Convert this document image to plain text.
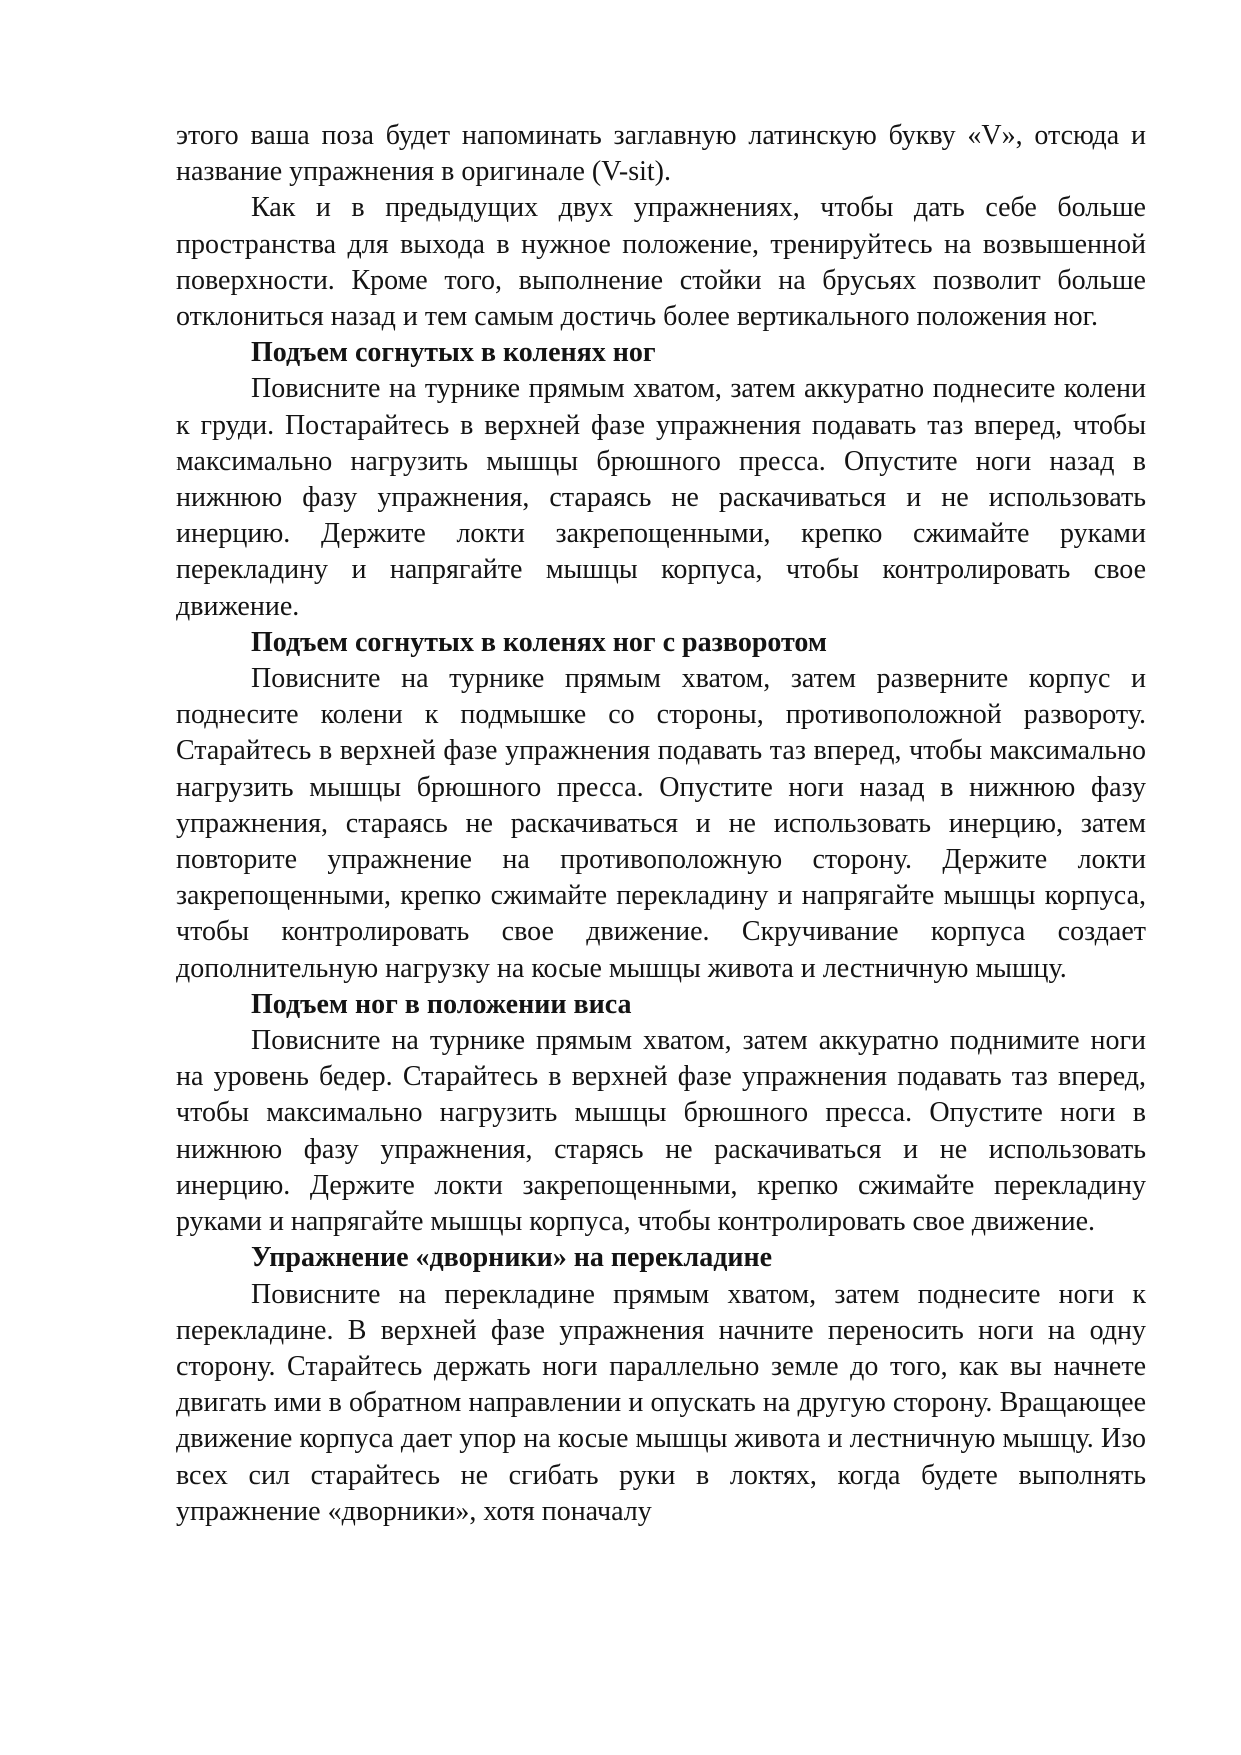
этого ваша поза будет напоминать заглавную латинскую букву «V», отсюда и название упражнения в оригинале (V-sit).

Как и в предыдущих двух упражнениях, чтобы дать себе больше пространства для выхода в нужное положение, тренируйтесь на возвышенной поверхности. Кроме того, выполнение стойки на брусьях позволит больше отклониться назад и тем самым достичь более вертикального положения ног.

Подъем согнутых в коленях ног

Повисните на турнике прямым хватом, затем аккуратно поднесите колени к груди. Постарайтесь в верхней фазе упражнения подавать таз вперед, чтобы максимально нагрузить мышцы брюшного пресса. Опустите ноги назад в нижнюю фазу упражнения, стараясь не раскачиваться и не использовать инерцию. Держите локти закрепощенными, крепко сжимайте руками перекладину и напрягайте мышцы корпуса, чтобы контролировать свое движение.

Подъем согнутых в коленях ног с разворотом

Повисните на турнике прямым хватом, затем разверните корпус и поднесите колени к подмышке со стороны, противоположной развороту. Старайтесь в верхней фазе упражнения подавать таз вперед, чтобы максимально нагрузить мышцы брюшного пресса. Опустите ноги назад в нижнюю фазу упражнения, стараясь не раскачиваться и не использовать инерцию, затем повторите упражнение на противоположную сторону. Держите локти закрепощенными, крепко сжимайте перекладину и напрягайте мышцы корпуса, чтобы контролировать свое движение. Скручивание корпуса создает дополнительную нагрузку на косые мышцы живота и лестничную мышцу.

Подъем ног в положении виса

Повисните на турнике прямым хватом, затем аккуратно поднимите ноги на уровень бедер. Старайтесь в верхней фазе упражнения подавать таз вперед, чтобы максимально нагрузить мышцы брюшного пресса. Опустите ноги в нижнюю фазу упражнения, старясь не раскачиваться и не использовать инерцию. Держите локти закрепощенными, крепко сжимайте перекладину руками и напрягайте мышцы корпуса, чтобы контролировать свое движение.

Упражнение «дворники» на перекладине

Повисните на перекладине прямым хватом, затем поднесите ноги к перекладине. В верхней фазе упражнения начните переносить ноги на одну сторону. Старайтесь держать ноги параллельно земле до того, как вы начнете двигать ими в обратном направлении и опускать на другую сторону. Вращающее движение корпуса дает упор на косые мышцы живота и лестничную мышцу. Изо всех сил старайтесь не сгибать руки в локтях, когда будете выполнять упражнение «дворники», хотя поначалу
